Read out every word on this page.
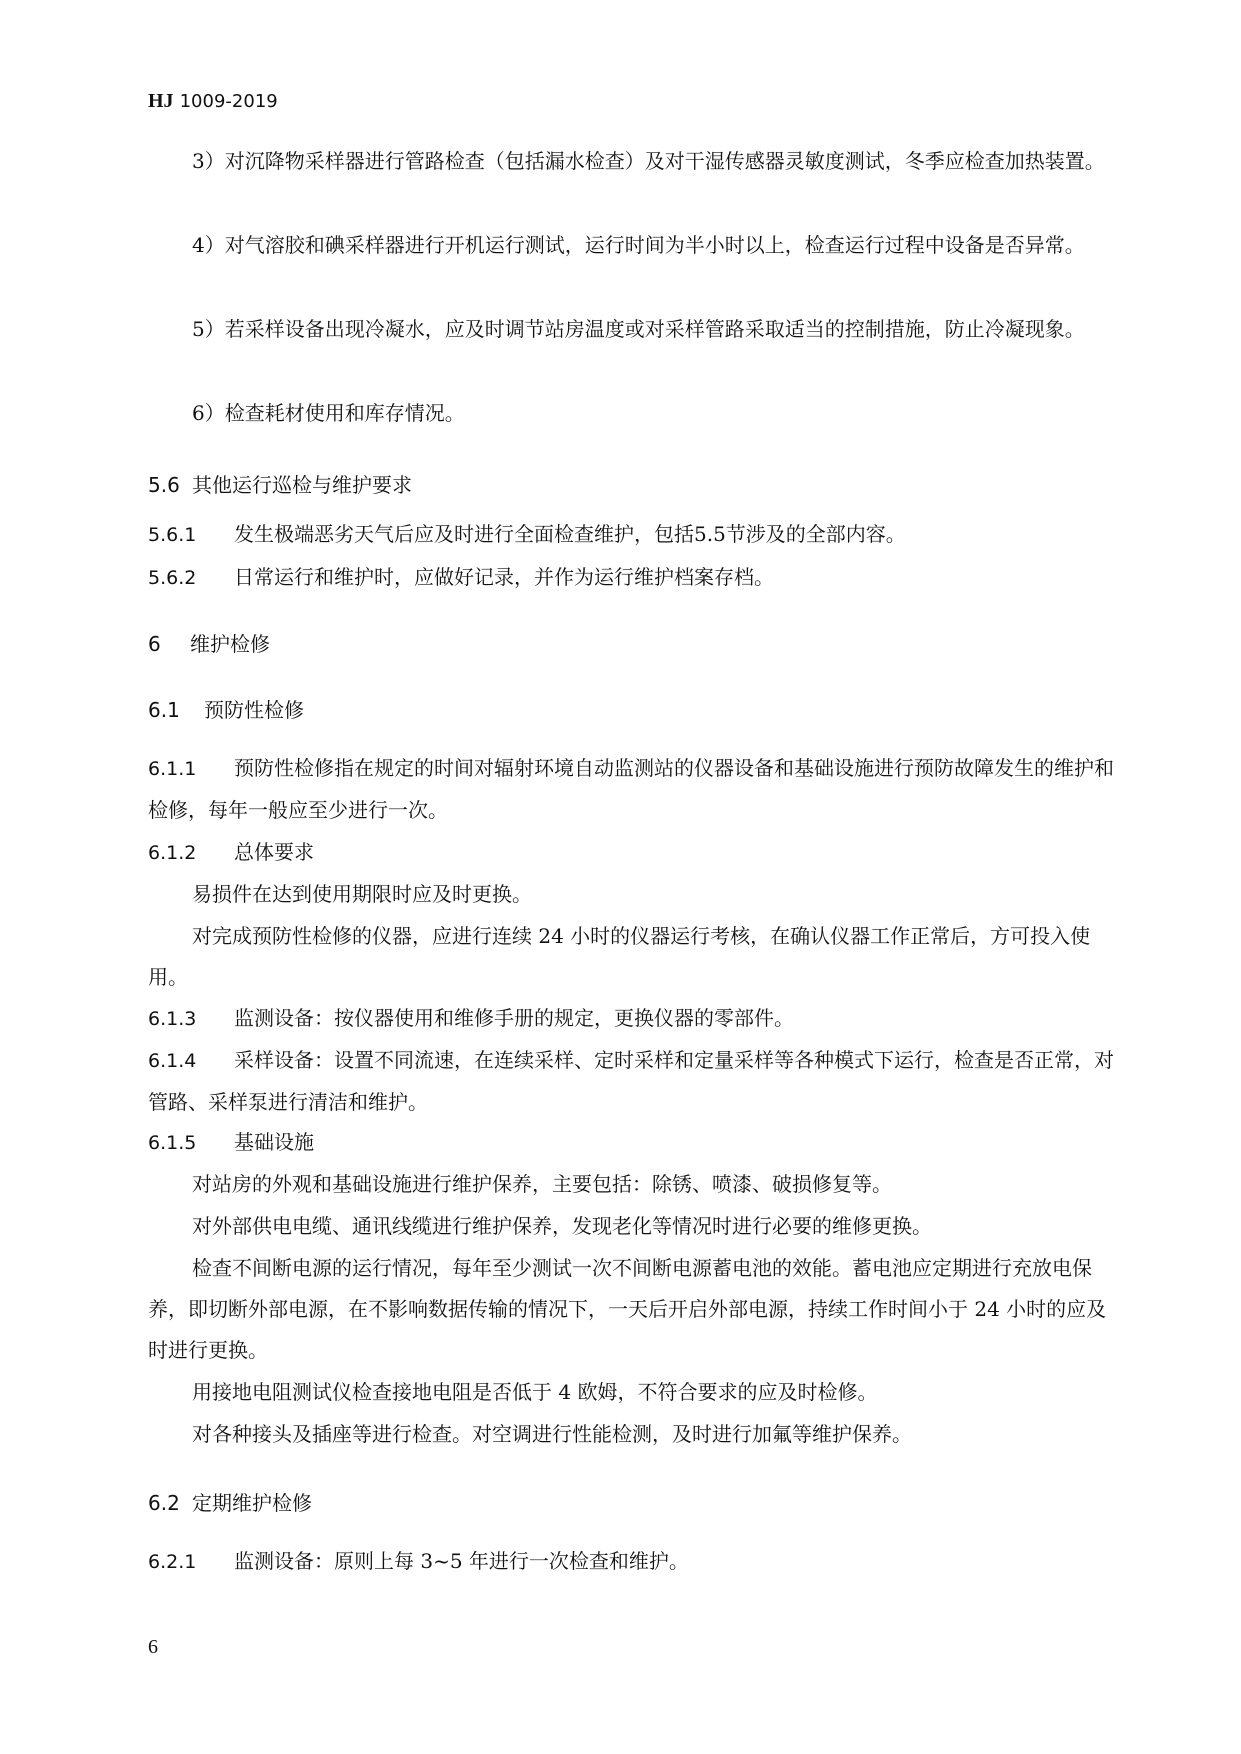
HJ 1009-2019

3）对沉降物采样器进行管路检查（包括漏水检查）及对干湿传感器灵敏度测试，冬季应检查加热装置。

4）对气溶胶和碘采样器进行开机运行测试，运行时间为半小时以上，检查运行过程中设备是否异常。

5）若采样设备出现冷凝水，应及时调节站房温度或对采样管路采取适当的控制措施，防止冷凝现象。

6）检查耗材使用和库存情况。

5.6 其他运行巡检与维护要求
5.6.1 发生极端恶劣天气后应及时进行全面检查维护，包括5.5节涉及的全部内容。
5.6.2 日常运行和维护时，应做好记录，并作为运行维护档案存档。
6 维护检修
6.1 预防性检修
6.1.1 预防性检修指在规定的时间对辐射环境自动监测站的仪器设备和基础设施进行预防故障发生的维护和检修，每年一般应至少进行一次。
6.1.2 总体要求

易损件在达到使用期限时应及时更换。

对完成预防性检修的仪器，应进行连续 24 小时的仪器运行考核，在确认仪器工作正常后，方可投入使用。

6.1.3 监测设备：按仪器使用和维修手册的规定，更换仪器的零部件。
6.1.4 采样设备：设置不同流速，在连续采样、定时采样和定量采样等各种模式下运行，检查是否正常，对管路、采样泵进行清洁和维护。
6.1.5 基础设施

对站房的外观和基础设施进行维护保养，主要包括：除锈、喷漆、破损修复等。

对外部供电电缆、通讯线缆进行维护保养，发现老化等情况时进行必要的维修更换。

检查不间断电源的运行情况，每年至少测试一次不间断电源蓄电池的效能。蓄电池应定期进行充放电保养，即切断外部电源，在不影响数据传输的情况下，一天后开启外部电源，持续工作时间小于 24 小时的应及时进行更换。

用接地电阻测试仪检查接地电阻是否低于 4 欧姆，不符合要求的应及时检修。

对各种接头及插座等进行检查。对空调进行性能检测，及时进行加氟等维护保养。

6.2 定期维护检修
6.2.1 监测设备：原则上每 3~5 年进行一次检查和维护。
6
